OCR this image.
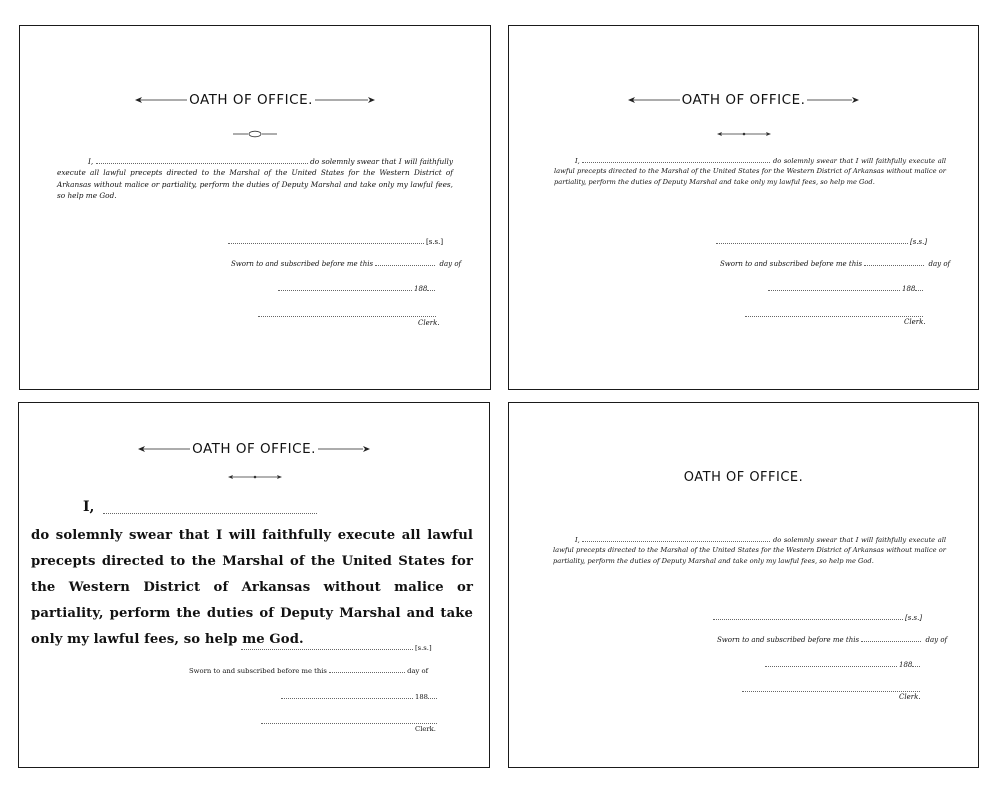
OATH OF OFFICE.

I,	do solemnly swear that I will faithfully execute all lawful precepts directed to the Marshal of the United States for the Western District of Arkansas without malice or partiality, perform the duties of Deputy Marshal and take only my lawful fees, so help me God.

[s.s.]
Sworn to and subscribed before me this	day of
188
Clerk.
OATH OF OFFICE.

I,	do solemnly swear that I will faithfully execute all lawful precepts directed to the Marshal of the United States for the Western District of Arkansas without malice or partiality, perform the duties of Deputy Marshal and take only my lawful fees, so help me God.

[s.s.]
Sworn to and subscribed before me this	day of
188
Clerk.
OATH OF OFFICE.
I,

do solemnly swear that I will faithfully execute all lawful precepts directed to the Marshal of the United States for the Western District of Arkansas without malice or partiality, perform the duties of Deputy Marshal and take only my lawful fees, so help me God.

[s.s.]
Sworn to and subscribed before me this	day of
188
Clerk.
OATH OF OFFICE.

I,	do solemnly swear that I will faithfully execute all lawful precepts directed to the Marshal of the United States for the Western District of Arkansas without malice or partiality, perform the duties of Deputy Marshal and take only my lawful fees, so help me God.

[s.s.]
Sworn to and subscribed before me this	day of
188
Clerk.
